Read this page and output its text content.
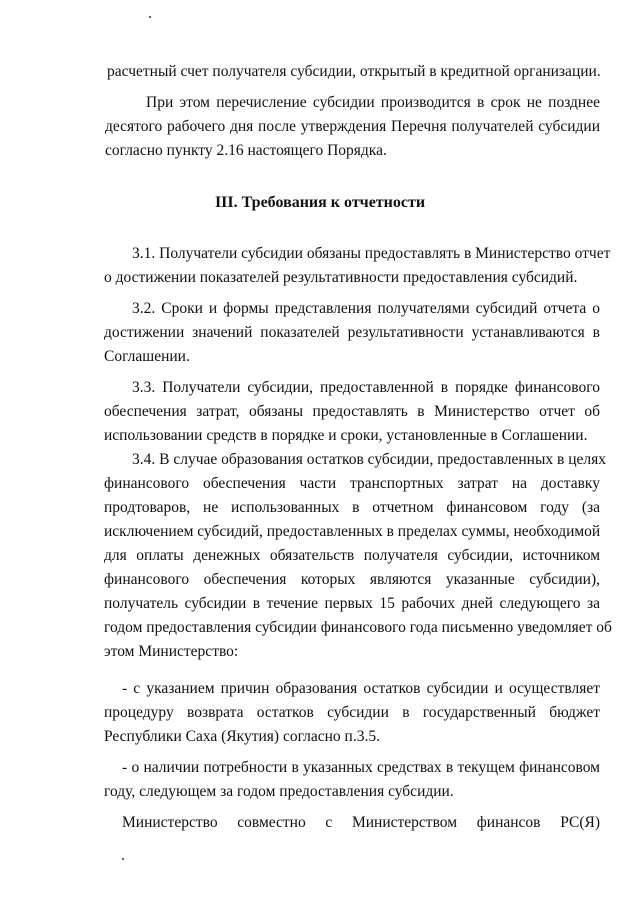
расчетный счет получателя субсидии, открытый в кредитной организации.
При этом перечисление субсидии производится в срок не позднее
десятого рабочего дня после утверждения Перечня получателей субсидии
согласно пункту 2.16 настоящего Порядка.
III. Требования к отчетности
3.1. Получатели субсидии обязаны предоставлять в Министерство отчет
о достижении показателей результативности предоставления субсидий.
3.2. Сроки и формы представления получателями субсидий отчета о
достижении значений показателей результативности устанавливаются в
Соглашении.
3.3. Получатели субсидии, предоставленной в порядке финансового
обеспечения затрат, обязаны предоставлять в Министерство отчет об
использовании средств в порядке и сроки, установленные в Соглашении.
3.4. В случае образования остатков субсидии, предоставленных в целях
финансового обеспечения части транспортных затрат на доставку
продтоваров, не использованных в отчетном финансовом году (за
исключением субсидий, предоставленных в пределах суммы, необходимой
для оплаты денежных обязательств получателя субсидии, источником
финансового обеспечения которых являются указанные субсидии),
получатель субсидии в течение первых 15 рабочих дней следующего за
годом предоставления субсидии финансового года письменно уведомляет об
этом Министерство:
- с указанием причин образования остатков субсидии и осуществляет
процедуру возврата остатков субсидии в государственный бюджет
Республики Саха (Якутия) согласно п.3.5.
- о наличии потребности в указанных средствах в текущем финансовом
году, следующем за годом предоставления субсидии.
Министерство совместно с Министерством финансов РС(Я)
